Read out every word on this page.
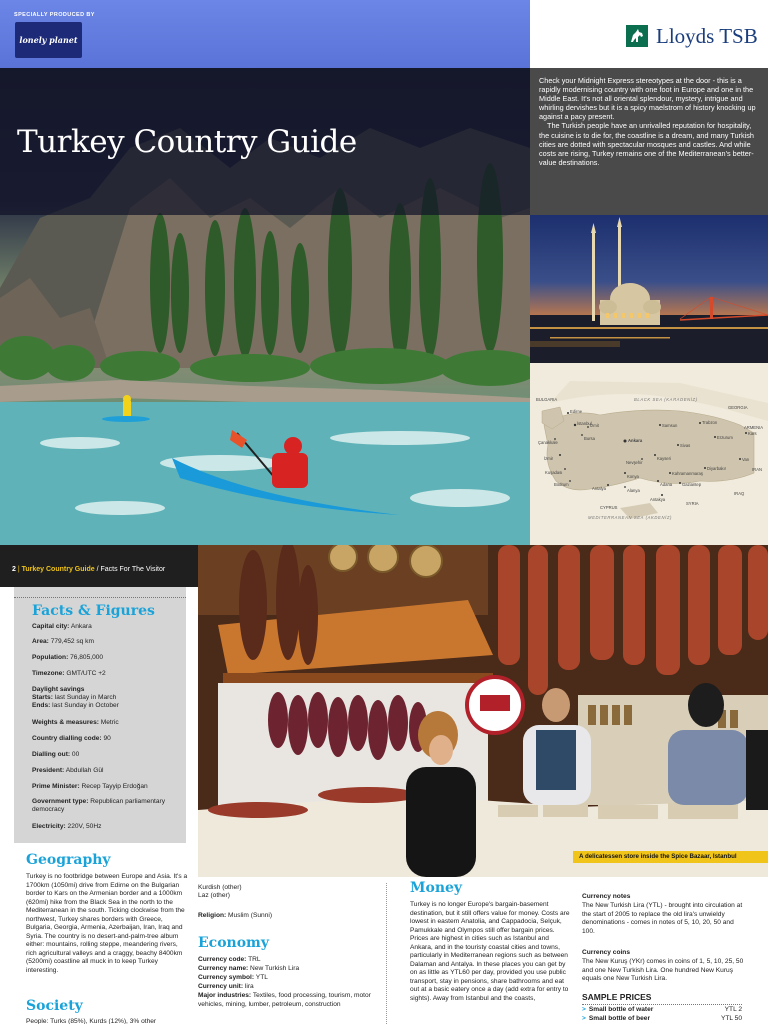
SPECIALLY PRODUCED BY
lonely planet	Lloyds TSB
Turkey Country Guide

Check your Midnight Express stereotypes at the door - this is a rapidly modernising country with one foot in Europe and one in the Middle East. It's not all oriental splendour, mystery, intrigue and whirling dervishes but it is a spicy maelstrom of history knocking up against a pacy present.

The Turkish people have an unrivalled reputation for hospitality, the cuisine is to die for, the coastline is a dream, and many Turkish cities are dotted with spectacular mosques and castles. And while costs are rising, Turkey remains one of the Mediterranean's better-value destinations.

BLACK SEA (KARADENİZ)
MEDITERRANEAN SEA (AKDENİZ)
BULGARIA
GEORGIA
ARMENIA
IRAN
IRAQ
SYRIA
CYPRUS
Edirne
İstanbul
İzmit
Bursa
Çanakkale
İzmir
Kuşadası
Bodrum
Ankara
Kayseri
Nevşehir
Konya
Antalya	Alanya
Adana
Sivas
Trabzon
Erzurum
Van
Diyarbakır
Kahramanmaraş
Gaziantep
Antakya
Samsun
Kars
2 | Turkey Country Guide / Facts For The Visitor
Facts & Figures
Capital city: Ankara
Area: 779,452 sq km
Population: 76,805,000
Timezone: GMT/UTC +2
Daylight savings
Starts: last Sunday in March
Ends: last Sunday in October
Weights & measures: Metric
Country dialling code: 90
Dialling out: 00
President: Abdullah Gül
Prime Minister: Recep Tayyip Erdoğan
Government type: Republican parliamentary democracy
Electricity: 220V, 50Hz
Geography
Turkey is no footbridge between Europe and Asia. It's a 1700km (1050mi) drive from Edirne on the Bulgarian border to Kars on the Armenian border and a 1000km (620mi) hike from the Black Sea in the north to the Mediterranean in the south. Ticking clockwise from the northwest, Turkey shares borders with Greece, Bulgaria, Georgia, Armenia, Azerbaijan, Iran, Iraq and Syria. The country is no desert-and-palm-tree album either: mountains, rolling steppe, meandering rivers, rich agricultural valleys and a craggy, beachy 8400km (5200mi) coastline all muck in to keep Turkey interesting.
Society
People: Turks (85%), Kurds (12%), 3% other
A delicatessen store inside the Spice Bazaar, Istanbul
Kurdish (other)
Laz (other)
Religion: Muslim (Sunni)
Economy
Currency code: TRL
Currency name: New Turkish Lira
Currency symbol: YTL
Currency unit: lira
Major industries: Textiles, food processing, tourism, motor vehicles, mining, lumber, petroleum, construction
Money
Turkey is no longer Europe's bargain-basement destination, but it still offers value for money. Costs are lowest in eastern Anatolia, and Cappadocia, Selçuk, Pamukkale and Olympos still offer bargain prices. Prices are highest in cities such as Istanbul and Ankara, and in the touristy coastal cities and towns, particularly in Mediterranean regions such as between Dalaman and Antalya. In these places you can get by on as little as YTL60 per day, provided you use public transport, stay in pensions, share bathrooms and eat out at a basic eatery once a day (add extra for entry to sights). Away from Istanbul and the coasts,
Currency notes
The New Turkish Lira (YTL) - brought into circulation at the start of 2005 to replace the old lira's unwieldy denominations - comes in notes of 5, 10, 20, 50 and 100.
Currency coins
The New Kuruş (YKr) comes in coins of 1, 5, 10, 25, 50 and one New Turkish Lira. One hundred New Kuruş equals one New Turkish Lira.
SAMPLE PRICES
> Small bottle of water	YTL 2
> Small bottle of beer	YTL 50
